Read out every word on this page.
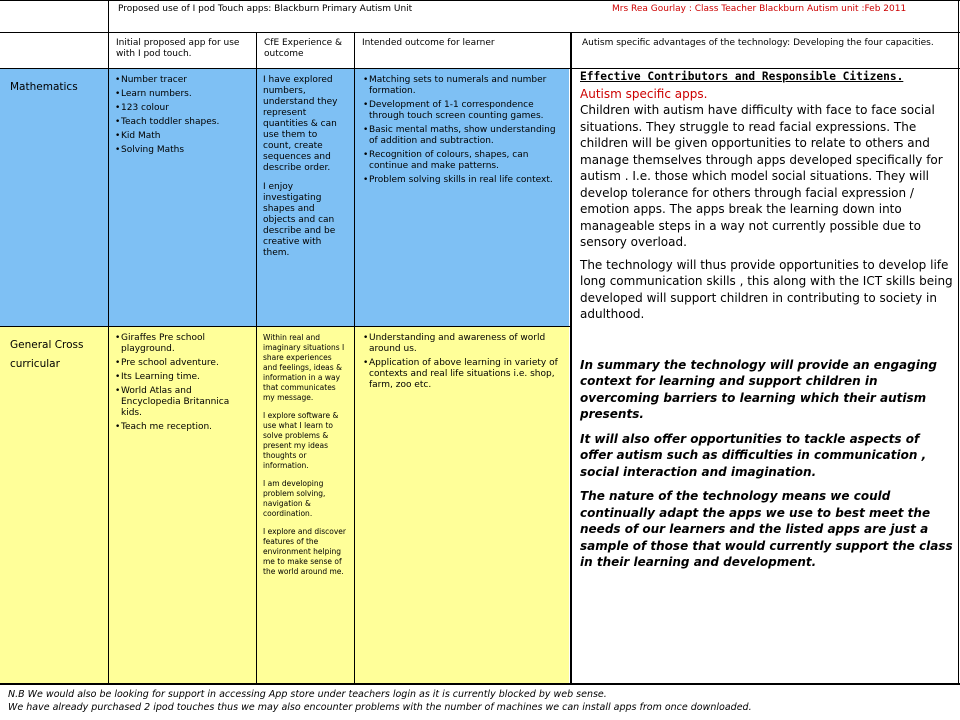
Proposed use of I pod Touch apps: Blackburn Primary Autism Unit	Mrs Rea Gourlay : Class Teacher Blackburn Autism unit :Feb 2011
Initial proposed app for use with I pod touch.
CfE Experience & outcome
Intended outcome for learner	Autism specific advantages of the technology: Developing the four capacities.
Mathematics
• Number tracer
• Learn numbers.
• 123 colour
• Teach toddler shapes.
• Kid Math
• Solving Maths

I have explored numbers, understand they represent quantities & can use them to count, create sequences and describe order.

I enjoy investigating shapes and objects and can describe and be creative with them.

• Matching sets to numerals and number formation.
• Development of 1-1 correspondence through touch screen counting games.
• Basic mental maths, show understanding of addition and subtraction.
• Recognition of colours, shapes, can continue and make patterns.
• Problem solving skills in real life context.
General Cross curricular
• Giraffes Pre school playground.
• Pre school adventure.
• Its Learning time.
• World Atlas and Encyclopedia Britannica kids.
• Teach me reception.

Within real and imaginary situations I share experiences and feelings, ideas & information in a way that communicates my message.

I explore software & use what I learn to solve problems & present my ideas thoughts or information.

I am developing problem solving, navigation & coordination.

I explore and discover features of the environment helping me to make sense of the world around me.

• Understanding and awareness of world around us.
• Application of above learning in variety of contexts and real life situations i.e. shop, farm, zoo etc.
Effective Contributors and Responsible Citizens.
Autism specific apps.

Children with autism have difficulty with face to face social situations. They struggle to read facial expressions. The children will be given opportunities to relate to others and manage themselves through apps developed specifically for autism . I.e. those which model social situations. They will develop tolerance for others through facial expression / emotion apps. The apps break the learning down into manageable steps in a way not currently possible due to sensory overload.

The technology will thus provide opportunities to develop life long communication skills , this along with the ICT skills being developed will support children in contributing to society in adulthood.

In summary the technology will provide an engaging context for learning and support children in overcoming barriers to learning which their autism presents.

It will also offer opportunities to tackle aspects of offer autism such as difficulties in communication , social interaction and imagination.

The nature of the technology means we could continually adapt the apps we use to best meet the needs of our learners and the listed apps are just a sample of those that would currently support the class in their learning and development.

N.B We would also be looking for support in accessing App store under teachers login as it is currently blocked by web sense.
We have already purchased 2 ipod touches thus we may also encounter problems with the number of machines we can install apps from once downloaded.
